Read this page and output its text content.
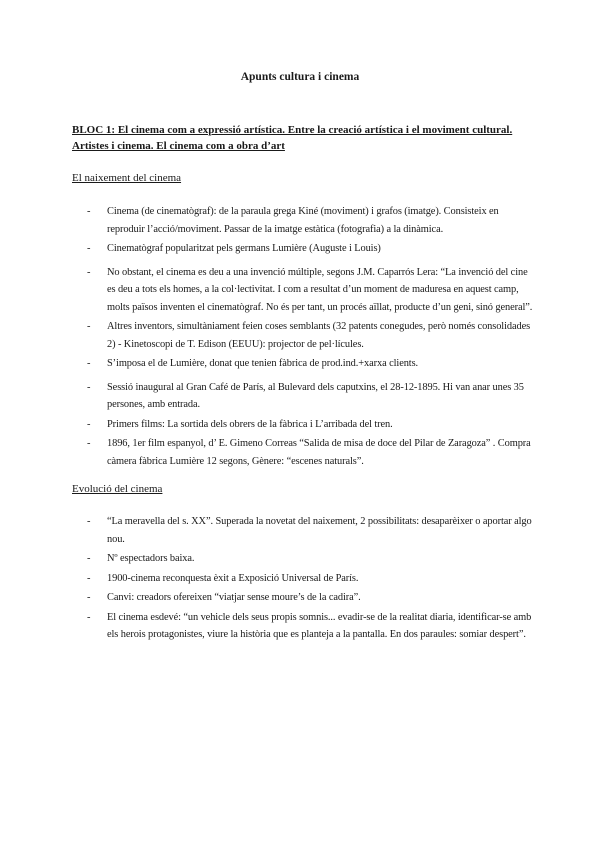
Apunts cultura i cinema
BLOC 1: El cinema com a expressió artística. Entre la creació artística i el moviment cultural. Artistes i cinema. El cinema com a obra d’art
El naixement del cinema
- Cinema (de cinematògraf): de la paraula grega Kiné (moviment) i grafos (imatge). Consisteix en reproduir l’acció/moviment. Passar de la imatge estàtica (fotografia) a la dinàmica.
- Cinematògraf popularitzat pels germans Lumière (Auguste i Louis)
- No obstant, el cinema es deu a una invenció múltiple, segons J.M. Caparrós Lera: “La invenció del cine es deu a tots els homes, a la col·lectivitat. I com a resultat d’un moment de maduresa en aquest camp, molts països inventen el cinematògraf. No és per tant, un procés aïllat, producte d’un geni, sinó general”.
- Altres inventors, simultàniament feien coses semblants (32 patents conegudes, però només consolidades 2) - Kinetoscopi de T. Edison (EEUU): projector de pel·lícules.
- S’imposa el de Lumière, donat que tenien fàbrica de prod.ind.+xarxa clients.
- Sessió inaugural al Gran Café de París, al Bulevard dels caputxins, el 28-12-1895. Hi van anar unes 35 persones, amb entrada.
- Primers films: La sortida dels obrers de la fàbrica i L’arribada del tren.
- 1896, 1er film espanyol, d’ E. Gimeno Correas “Salida de misa de doce del Pilar de Zaragoza” . Compra càmera fàbrica Lumière 12 segons, Gènere: “escenes naturals”.
Evolució del cinema
- “La meravella del s. XX”. Superada la novetat del naixement, 2 possibilitats: desaparèixer o aportar algo nou.
- Nº espectadors baixa.
- 1900-cinema reconquesta èxit a Exposició Universal de París.
- Canvi: creadors ofereixen “viatjar sense moure’s de la cadira”.
- El cinema esdevé: “un vehicle dels seus propis somnis... evadir-se de la realitat diaria, identificar-se amb els herois protagonistes, viure la història que es planteja a la pantalla. En dos paraules: somiar despert”.
